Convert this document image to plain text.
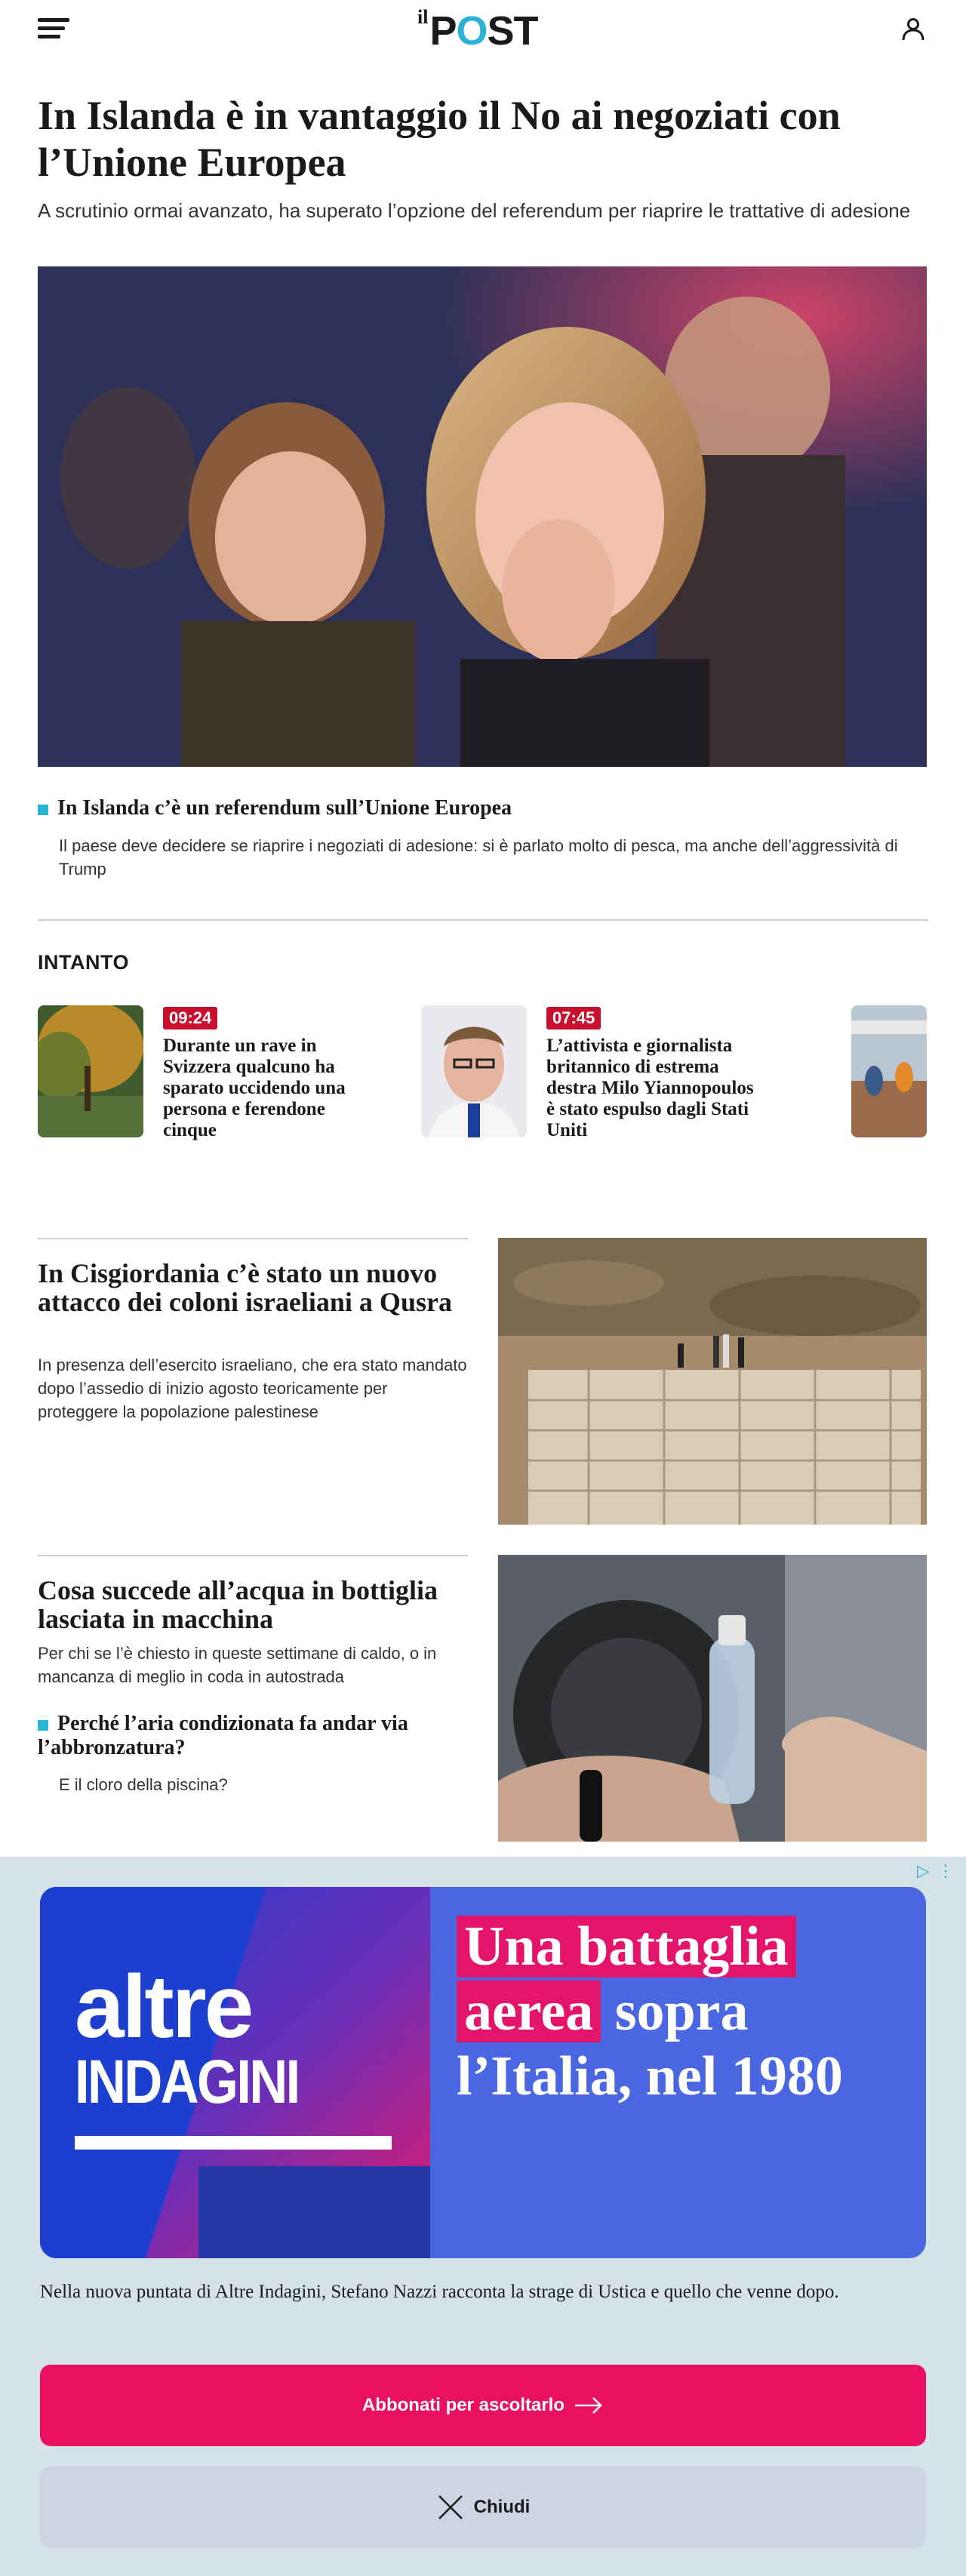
il POST
In Islanda è in vantaggio il No ai negoziati con l’Unione Europea

A scrutinio ormai avanzato, ha superato l’opzione del referendum per riaprire le trattative di adesione

In Islanda c’è un referendum sull’Unione Europea

Il paese deve decidere se riaprire i negoziati di adesione: si è parlato molto di pesca, ma anche dell’aggressività di Trump

INTANTO
09:24
Durante un rave in Svizzera qualcuno ha sparato uccidendo una persona e ferendone cinque
07:45
L’attivista e giornalista britannico di estrema destra Milo Yiannopoulos è stato espulso dagli Stati Uniti
In Cisgiordania c’è stato un nuovo attacco dei coloni israeliani a Qusra
In presenza dell’esercito israeliano, che era stato mandato dopo l’assedio di inizio agosto teoricamente per proteggere la popolazione palestinese
Cosa succede all’acqua in bottiglia lasciata in macchina
Per chi se l’è chiesto in queste settimane di caldo, o in mancanza di meglio in coda in autostrada
Perché l’aria condizionata fa andar via l’abbronzatura?
E il cloro della piscina?
▷ ⋮
altre
INDAGINI
Una battaglia
aerea sopra l’Italia, nel 1980

Nella nuova puntata di Altre Indagini, Stefano Nazzi racconta la strage di Ustica e quello che venne dopo.

Abbonati per ascoltarlo
Chiudi
